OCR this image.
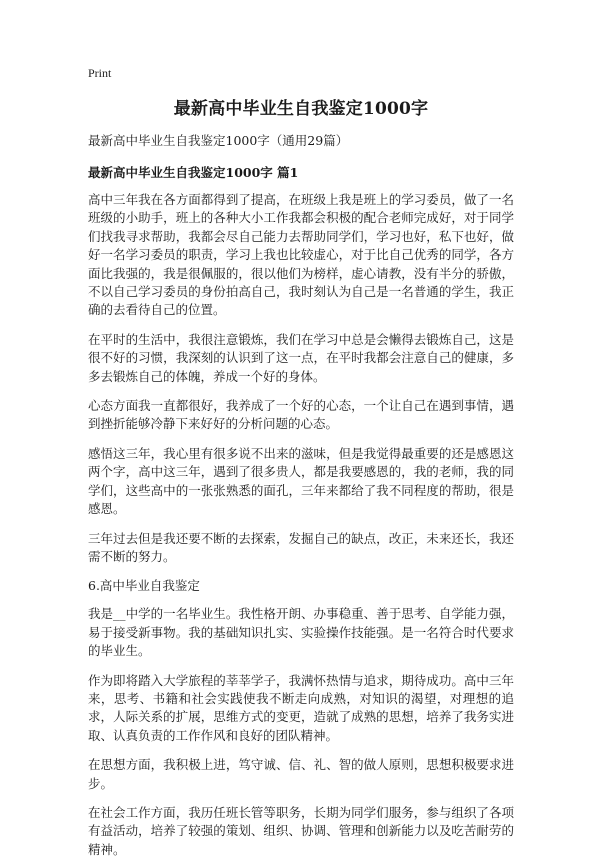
Print
最新高中毕业生自我鉴定1000字
最新高中毕业生自我鉴定1000字（通用29篇）
最新高中毕业生自我鉴定1000字 篇1

高中三年我在各方面都得到了提高，在班级上我是班上的学习委员，做了一名班级的小助手，班上的各种大小工作我都会积极的配合老师完成好，对于同学们找我寻求帮助，我都会尽自己能力去帮助同学们，学习也好，私下也好，做好一名学习委员的职责，学习上我也比较虚心，对于比自己优秀的同学，各方面比我强的，我是很佩服的，很以他们为榜样，虚心请教，没有半分的骄傲，不以自己学习委员的身份拍高自己，我时刻认为自己是一名普通的学生，我正确的去看待自己的位置。

在平时的生活中，我很注意锻炼，我们在学习中总是会懒得去锻炼自己，这是很不好的习惯，我深刻的认识到了这一点，在平时我都会注意自己的健康，多多去锻炼自己的体魄，养成一个好的身体。

心态方面我一直都很好，我养成了一个好的心态，一个让自己在遇到事情，遇到挫折能够冷静下来好好的分析问题的心态。

感悟这三年，我心里有很多说不出来的滋味，但是我觉得最重要的还是感恩这两个字，高中这三年，遇到了很多贵人，都是我要感恩的，我的老师，我的同学们，这些高中的一张张熟悉的面孔，三年来都给了我不同程度的帮助，很是感恩。

三年过去但是我还要不断的去探索，发掘自己的缺点，改正，未来还长，我还需不断的努力。

6.高中毕业自我鉴定

我是__中学的一名毕业生。我性格开朗、办事稳重、善于思考、自学能力强，易于接受新事物。我的基础知识扎实、实验操作技能强。是一名符合时代要求的毕业生。

作为即将踏入大学旅程的莘莘学子，我满怀热情与追求，期待成功。高中三年来，思考、书籍和社会实践使我不断走向成熟，对知识的渴望，对理想的追求，人际关系的扩展，思维方式的变更，造就了成熟的思想，培养了我务实进取、认真负责的工作作风和良好的团队精神。

在思想方面，我积极上进，笃守诚、信、礼、智的做人原则，思想积极要求进步。

在社会工作方面，我历任班长管等职务，长期为同学们服务，参与组织了各项有益活动，培养了较强的策划、组织、协调、管理和创新能力以及吃苦耐劳的精神。
